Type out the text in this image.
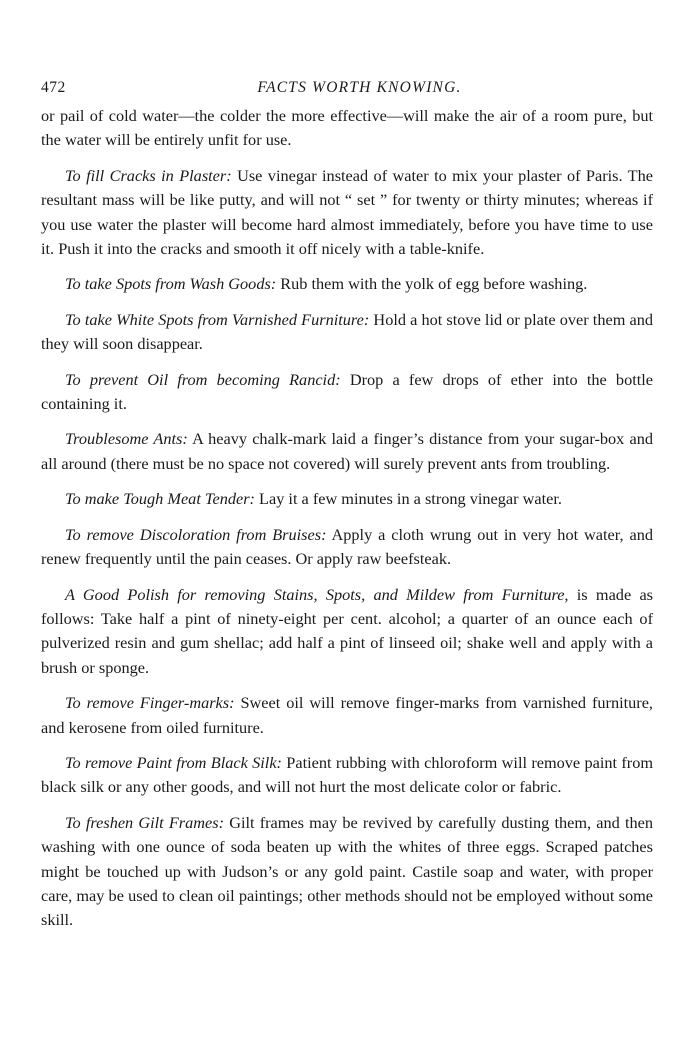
472	FACTS WORTH KNOWING.

or pail of cold water—the colder the more effective—will make the air of a room pure, but the water will be entirely unfit for use.

To fill Cracks in Plaster: Use vinegar instead of water to mix your plaster of Paris. The resultant mass will be like putty, and will not “ set ” for twenty or thirty minutes; whereas if you use water the plaster will become hard almost immediately, before you have time to use it. Push it into the cracks and smooth it off nicely with a table-knife.

To take Spots from Wash Goods: Rub them with the yolk of egg before washing.

To take White Spots from Varnished Furniture: Hold a hot stove lid or plate over them and they will soon disappear.

To prevent Oil from becoming Rancid: Drop a few drops of ether into the bottle containing it.

Troublesome Ants: A heavy chalk-mark laid a finger’s distance from your sugar-box and all around (there must be no space not covered) will surely prevent ants from troubling.

To make Tough Meat Tender: Lay it a few minutes in a strong vinegar water.

To remove Discoloration from Bruises: Apply a cloth wrung out in very hot water, and renew frequently until the pain ceases. Or apply raw beefsteak.

A Good Polish for removing Stains, Spots, and Mildew from Furniture, is made as follows: Take half a pint of ninety-eight per cent. alcohol; a quarter of an ounce each of pulverized resin and gum shellac; add half a pint of linseed oil; shake well and apply with a brush or sponge.

To remove Finger-marks: Sweet oil will remove finger-marks from varnished furniture, and kerosene from oiled furniture.

To remove Paint from Black Silk: Patient rubbing with chloroform will remove paint from black silk or any other goods, and will not hurt the most delicate color or fabric.

To freshen Gilt Frames: Gilt frames may be revived by carefully dusting them, and then washing with one ounce of soda beaten up with the whites of three eggs. Scraped patches might be touched up with Judson’s or any gold paint. Castile soap and water, with proper care, may be used to clean oil paintings; other methods should not be employed without some skill.
